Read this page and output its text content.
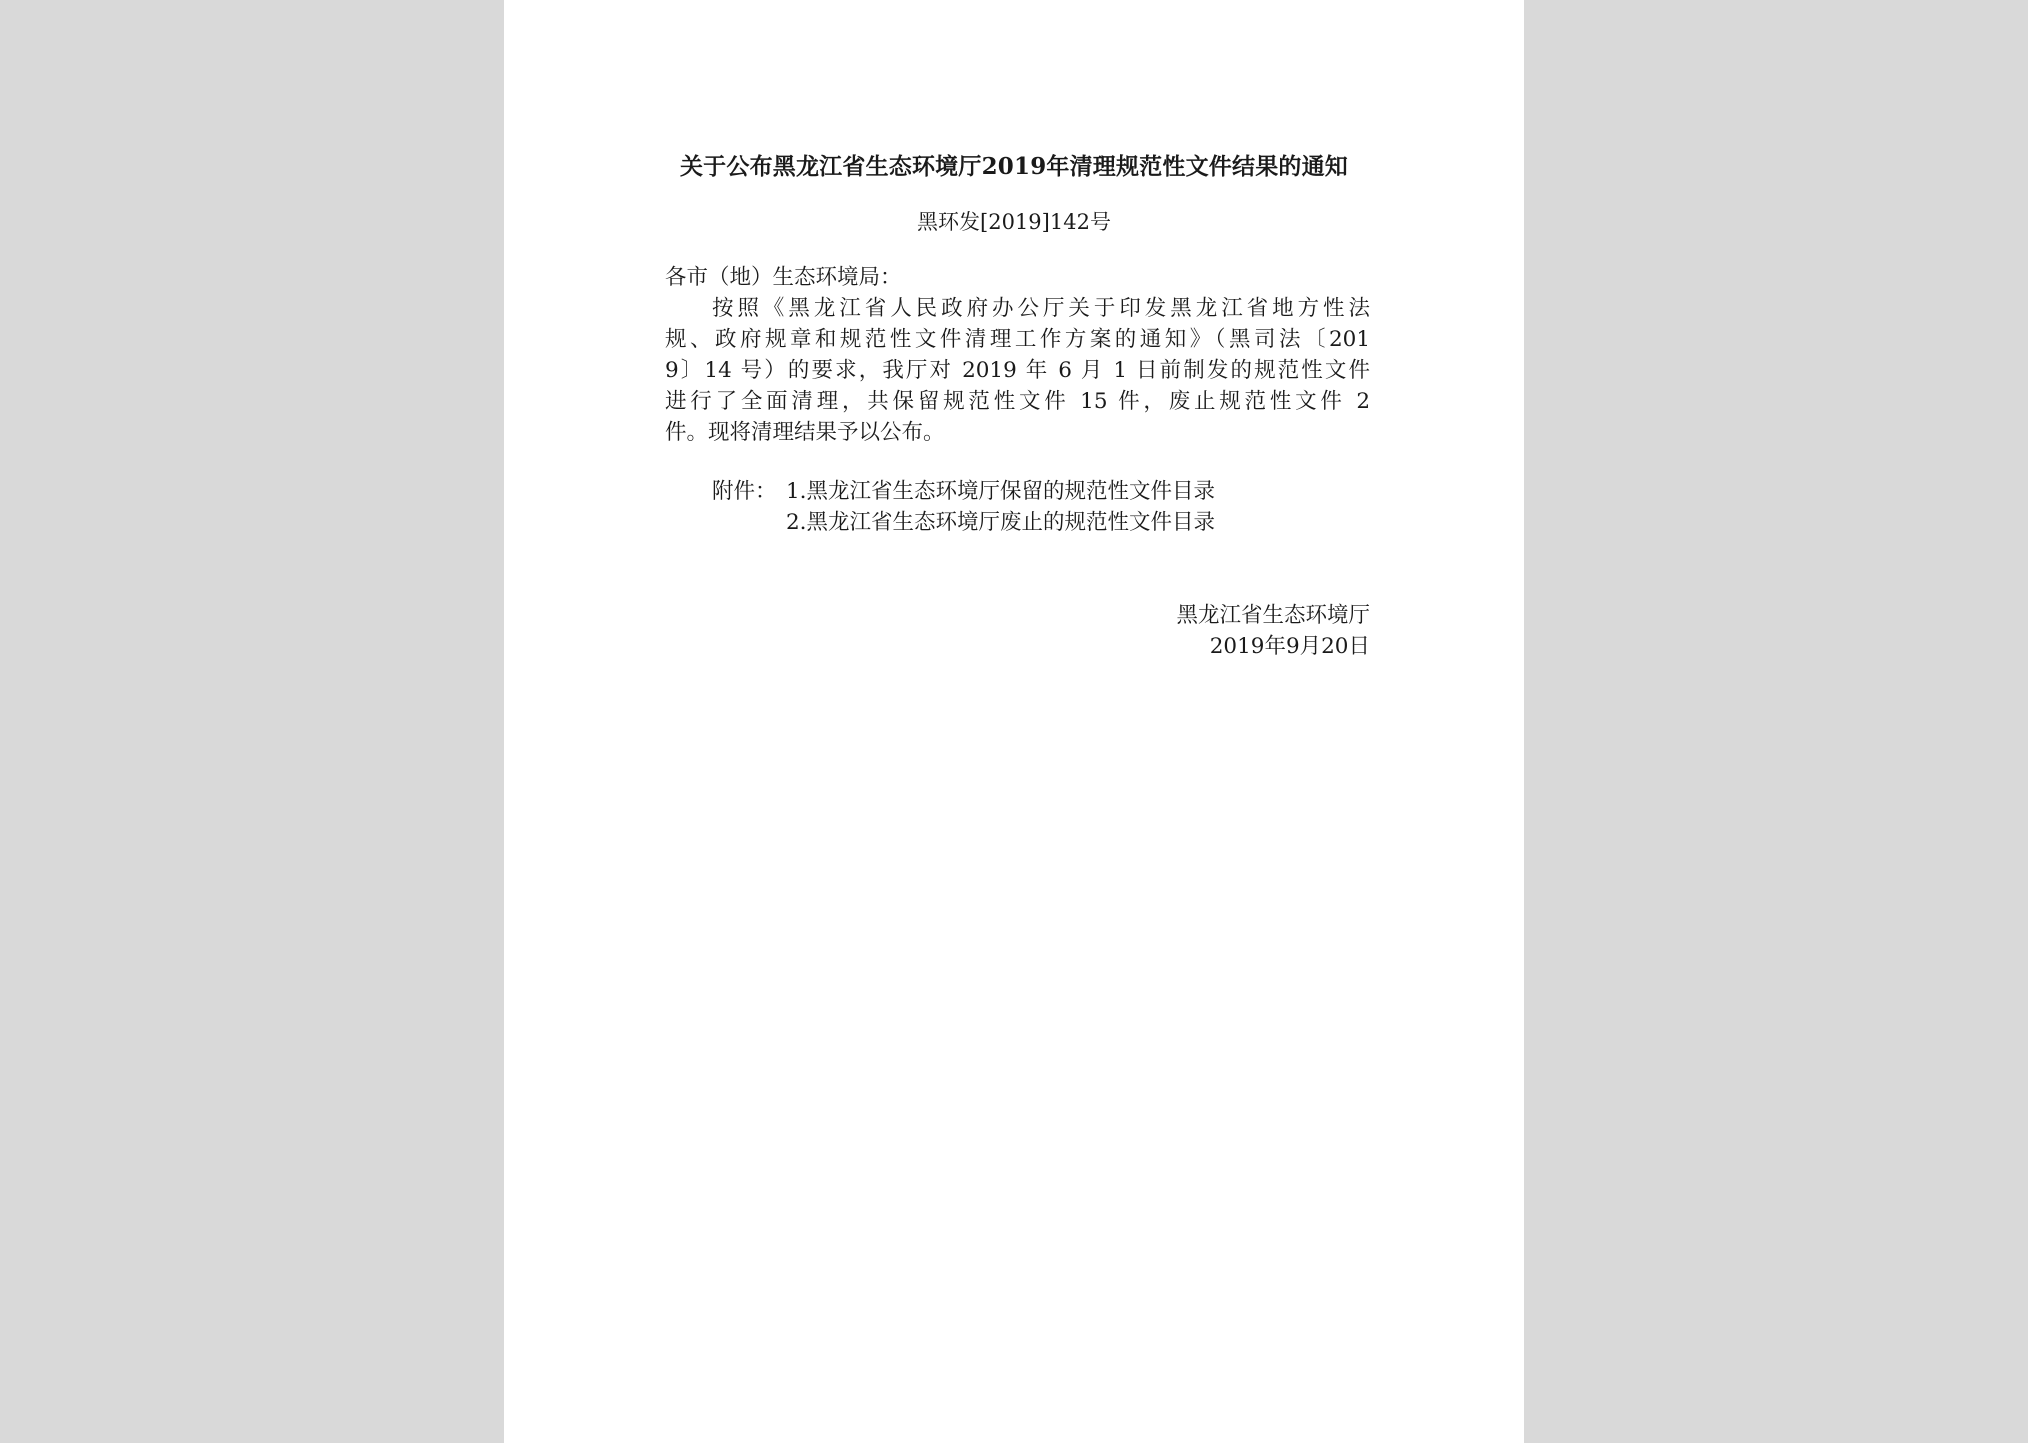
关于公布黑龙江省生态环境厅2019年清理规范性文件结果的通知
黑环发[2019]142号
各市（地）生态环境局：
按照《黑龙江省人民政府办公厅关于印发黑龙江省地方性法
规、政府规章和规范性文件清理工作方案的通知》（黑司法〔201
9〕14 号）的要求，我厅对 2019 年 6 月 1 日前制发的规范性文件
进行了全面清理，共保留规范性文件 15 件，废止规范性文件 2
件。现将清理结果予以公布。
附件： 1.黑龙江省生态环境厅保留的规范性文件目录
2.黑龙江省生态环境厅废止的规范性文件目录
黑龙江省生态环境厅
2019年9月20日
